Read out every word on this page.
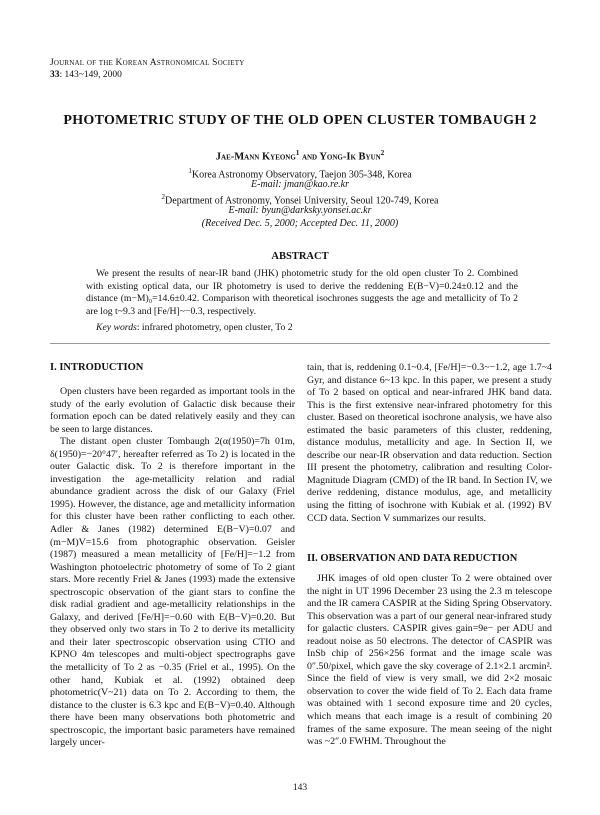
Journal of the Korean Astronomical Society
33: 143~149, 2000
PHOTOMETRIC STUDY OF THE OLD OPEN CLUSTER TOMBAUGH 2
Jae-Mann Kyeong$^1$ and Yong-Ik Byun$^2$
$^1$Korea Astronomy Observatory, Taejon 305-348, Korea
E-mail: jman@kao.re.kr
$^2$Department of Astronomy, Yonsei University, Seoul 120-749, Korea
E-mail: byun@darksky.yonsei.ac.kr
(Received Dec. 5, 2000; Accepted Dec. 11, 2000)
ABSTRACT
We present the results of near-IR band (JHK) photometric study for the old open cluster To 2. Combined with existing optical data, our IR photometry is used to derive the reddening E(B−V)=0.24±0.12 and the distance (m−M)₀=14.6±0.42. Comparison with theoretical isochrones suggests the age and metallicity of To 2 are log t~9.3 and [Fe/H]~−0.3, respectively.
Key words: infrared photometry, open cluster, To 2
I. INTRODUCTION

Open clusters have been regarded as important tools in the study of the early evolution of Galactic disk because their formation epoch can be dated relatively easily and they can be seen to large distances.

The distant open cluster Tombaugh 2(α(1950)=7h 01m, δ(1950)=−20°47′, hereafter referred as To 2) is located in the outer Galactic disk. To 2 is therefore important in the investigation the age-metallicity relation and radial abundance gradient across the disk of our Galaxy (Friel 1995). However, the distance, age and metallicity information for this cluster have been rather conflicting to each other. Adler & Janes (1982) determined E(B−V)=0.07 and (m−M)V=15.6 from photographic observation. Geisler (1987) measured a mean metallicity of [Fe/H]=−1.2 from Washington photoelectric photometry of some of To 2 giant stars. More recently Friel & Janes (1993) made the extensive spectroscopic observation of the giant stars to confine the disk radial gradient and age-metallicity relationships in the Galaxy, and derived [Fe/H]=−0.60 with E(B−V)=0.20. But they observed only two stars in To 2 to derive its metallicity and their later spectroscopic observation using CTIO and KPNO 4m telescopes and multi-object spectrographs gave the metallicity of To 2 as −0.35 (Friel et al., 1995). On the other hand, Kubiak et al. (1992) obtained deep photometric(V~21) data on To 2. According to them, the distance to the cluster is 6.3 kpc and E(B−V)=0.40. Although there have been many observations both photometric and spectroscopic, the important basic parameters have remained largely uncer-

tain, that is, reddening 0.1~0.4, [Fe/H]=−0.3~−1.2, age 1.7~4 Gyr, and distance 6~13 kpc. In this paper, we present a study of To 2 based on optical and near-infrared JHK band data. This is the first extensive near-infrared photometry for this cluster. Based on theoretical isochrone analysis, we have also estimated the basic parameters of this cluster, reddening, distance modulus, metallicity and age. In Section II, we describe our near-IR observation and data reduction. Section III present the photometry, calibration and resulting Color-Magnitude Diagram (CMD) of the IR band. In Section IV, we derive reddening, distance modulus, age, and metallicity using the fitting of isochrone with Kubiak et al. (1992) BV CCD data. Section V summarizes our results.

II. OBSERVATION AND DATA REDUCTION

JHK images of old open cluster To 2 were obtained over the night in UT 1996 December 23 using the 2.3 m telescope and the IR camera CASPIR at the Siding Spring Observatory. This observation was a part of our general near-infrared study for galactic clusters. CASPIR gives gain=9e− per ADU and readout noise as 50 electrons. The detector of CASPIR was InSb chip of 256×256 format and the image scale was 0″.50/pixel, which gave the sky coverage of 2.1×2.1 arcmin². Since the field of view is very small, we did 2×2 mosaic observation to cover the wide field of To 2. Each data frame was obtained with 1 second exposure time and 20 cycles, which means that each image is a result of combining 20 frames of the same exposure. The mean seeing of the night was ~2″.0 FWHM. Throughout the

143
